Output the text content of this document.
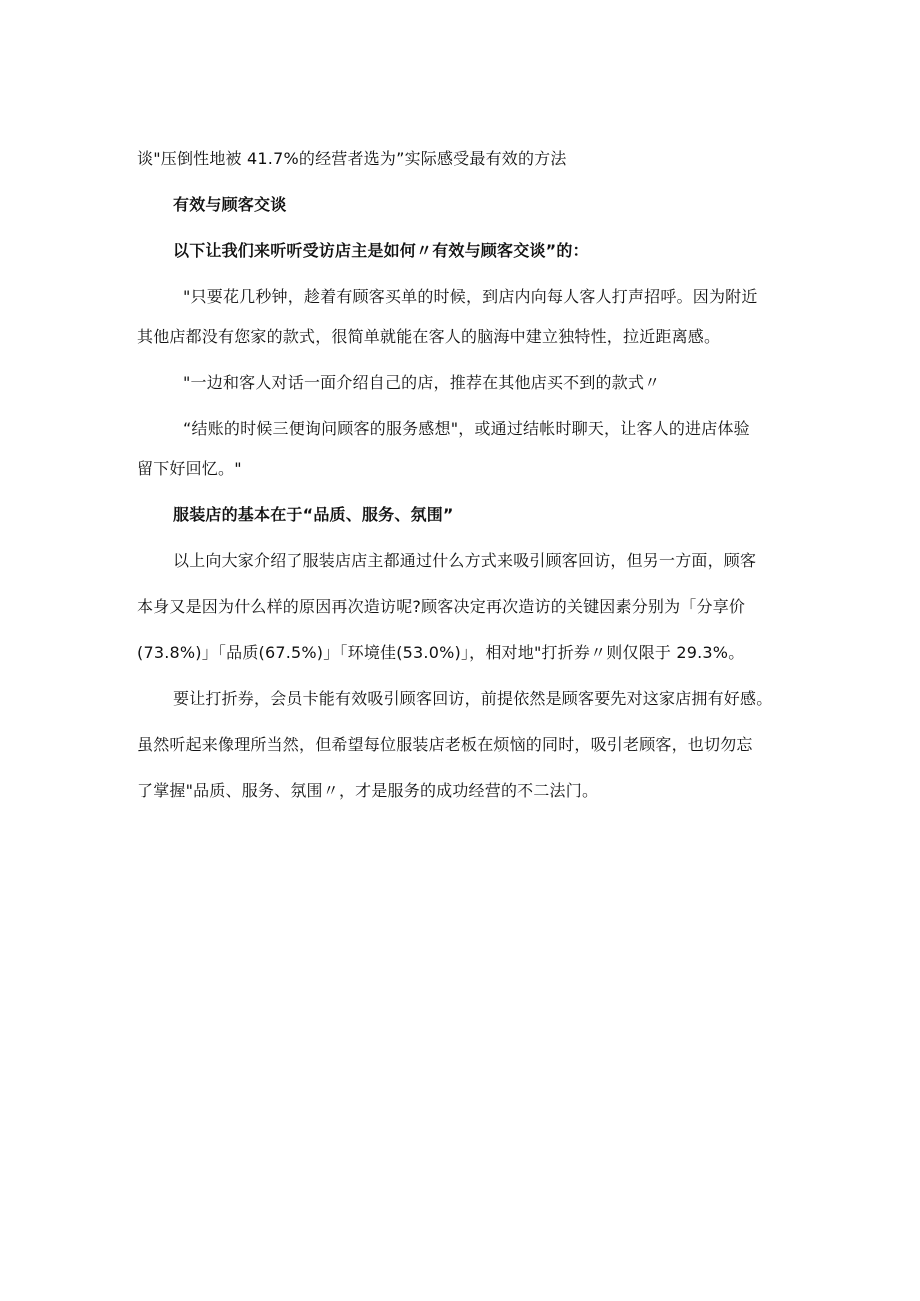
谈"压倒性地被 41.7%的经营者选为”实际感受最有效的方法

有效与顾客交谈

以下让我们来听听受访店主是如何〃有效与顾客交谈”的：

"只要花几秒钟，趁着有顾客买单的时候，到店内向每人客人打声招呼。因为附近
其他店都没有您家的款式，很简单就能在客人的脑海中建立独特性，拉近距离感。

"一边和客人对话一面介绍自己的店，推荐在其他店买不到的款式〃

“结账的时候三便询问顾客的服务感想"，或通过结帐时聊天，让客人的进店体验
留下好回忆。"

服装店的基本在于“品质、服务、氛围”

以上向大家介绍了服装店店主都通过什么方式来吸引顾客回访，但另一方面，顾客
本身又是因为什么样的原因再次造访呢?顾客决定再次造访的关键因素分别为「分享价
(73.8%)」「品质(67.5%)」「环境佳(53.0%)」，相对地"打折券〃则仅限于 29.3%。

要让打折券，会员卡能有效吸引顾客回访，前提依然是顾客要先对这家店拥有好感。
虽然听起来像理所当然，但希望每位服装店老板在烦恼的同时，吸引老顾客，也切勿忘
了掌握"品质、服务、氛围〃，才是服务的成功经营的不二法门。
